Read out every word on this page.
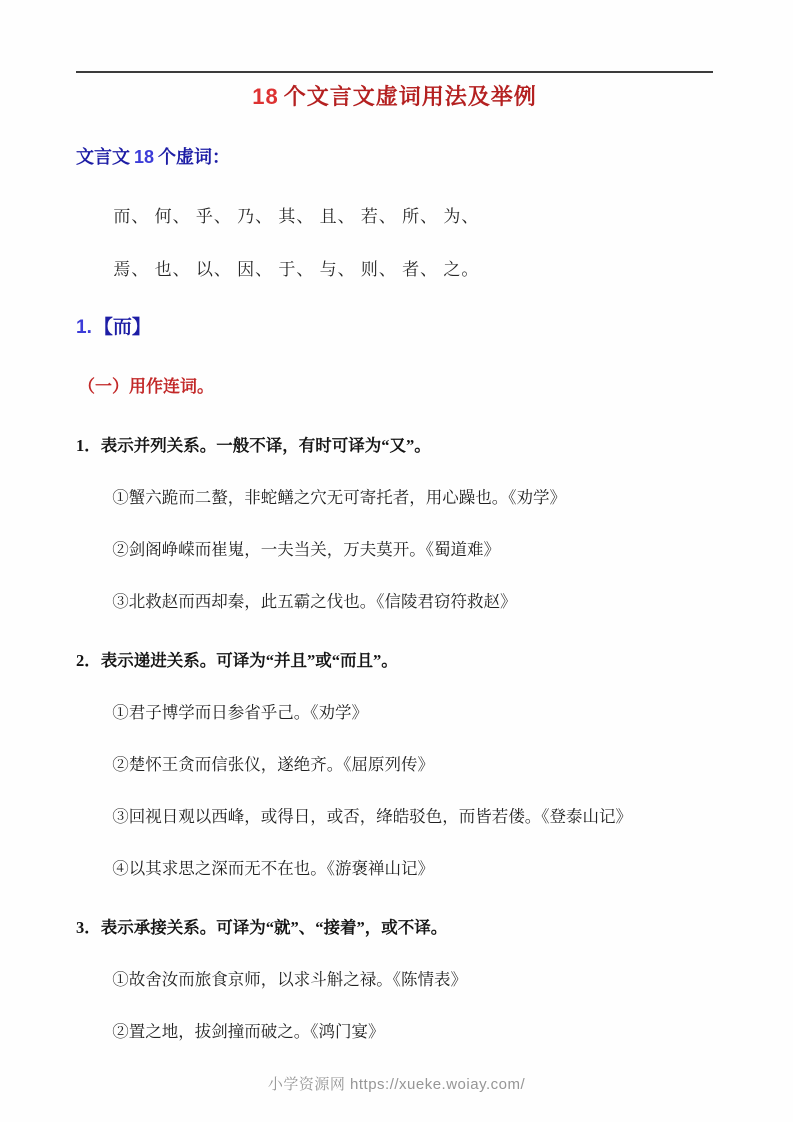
18 个文言文虚词用法及举例
文言文 18 个虚词：

而、 何、 乎、 乃、 其、 且、 若、 所、 为、

焉、 也、 以、 因、 于、 与、 则、 者、 之。

1. 【而】
（一）用作连词。

1．表示并列关系。一般不译，有时可译为“又”。

①蟹六跪而二螯，非蛇鳝之穴无可寄托者，用心躁也。《劝学》

②剑阁峥嵘而崔嵬，一夫当关，万夫莫开。《蜀道难》

③北救赵而西却秦，此五霸之伐也。《信陵君窃符救赵》

2．表示递进关系。可译为“并且”或“而且”。

①君子博学而日参省乎己。《劝学》

②楚怀王贪而信张仪，遂绝齐。《屈原列传》

③回视日观以西峰，或得日，或否，绛皓驳色，而皆若偻。《登泰山记》

④以其求思之深而无不在也。《游褒禅山记》

3．表示承接关系。可译为“就”、“接着”，或不译。

①故舍汝而旅食京师，以求斗斛之禄。《陈情表》

②置之地，拔剑撞而破之。《鸿门宴》

小学资源网 https://xueke.woiay.com/
